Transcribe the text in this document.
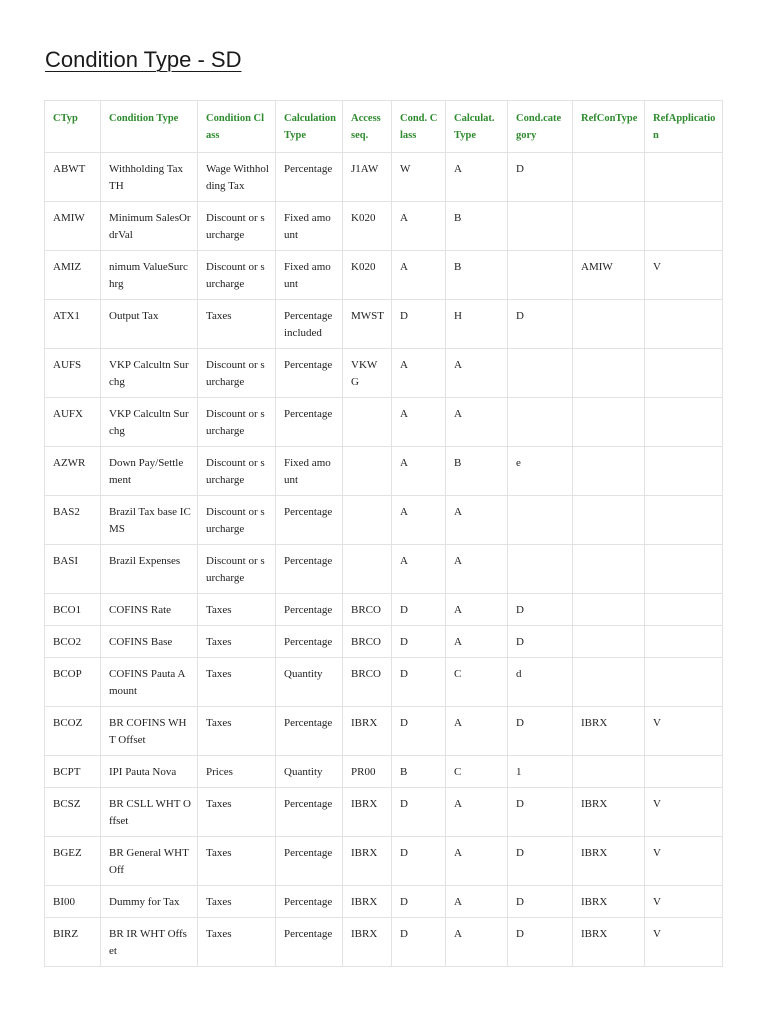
Condition Type - SD
CTyp	Condition Type	Condition Class	Calculation Type	Access seq.	Cond. Class	Calculat. Type	Cond.category	RefConType	RefApplication
ABWT	Withholding Tax TH	Wage Withholding Tax	Percentage	J1AW	W	A	D		
AMIW	Minimum SalesOrdrVal	Discount or surcharge	Fixed amount	K020	A	B			
AMIZ	nimum ValueSurchrg	Discount or surcharge	Fixed amount	K020	A	B		AMIW	V
ATX1	Output Tax	Taxes	Percentage included	MWST	D	H	D		
AUFS	VKP Calcultn Surchg	Discount or surcharge	Percentage	VKWG	A	A			
AUFX	VKP Calcultn Surchg	Discount or surcharge	Percentage		A	A			
AZWR	Down Pay/Settlement	Discount or surcharge	Fixed amount		A	B	e		
BAS2	Brazil Tax base ICMS	Discount or surcharge	Percentage		A	A			
BASI	Brazil Expenses	Discount or surcharge	Percentage		A	A			
BCO1	COFINS Rate	Taxes	Percentage	BRCO	D	A	D		
BCO2	COFINS Base	Taxes	Percentage	BRCO	D	A	D		
BCOP	COFINS Pauta Amount	Taxes	Quantity	BRCO	D	C	d		
BCOZ	BR COFINS WHT Offset	Taxes	Percentage	IBRX	D	A	D	IBRX	V
BCPT	IPI Pauta Nova	Prices	Quantity	PR00	B	C	1		
BCSZ	BR CSLL WHT Offset	Taxes	Percentage	IBRX	D	A	D	IBRX	V
BGEZ	BR General WHT Off	Taxes	Percentage	IBRX	D	A	D	IBRX	V
BI00	Dummy for Tax	Taxes	Percentage	IBRX	D	A	D	IBRX	V
BIRZ	BR IR WHT Offset	Taxes	Percentage	IBRX	D	A	D	IBRX	V
